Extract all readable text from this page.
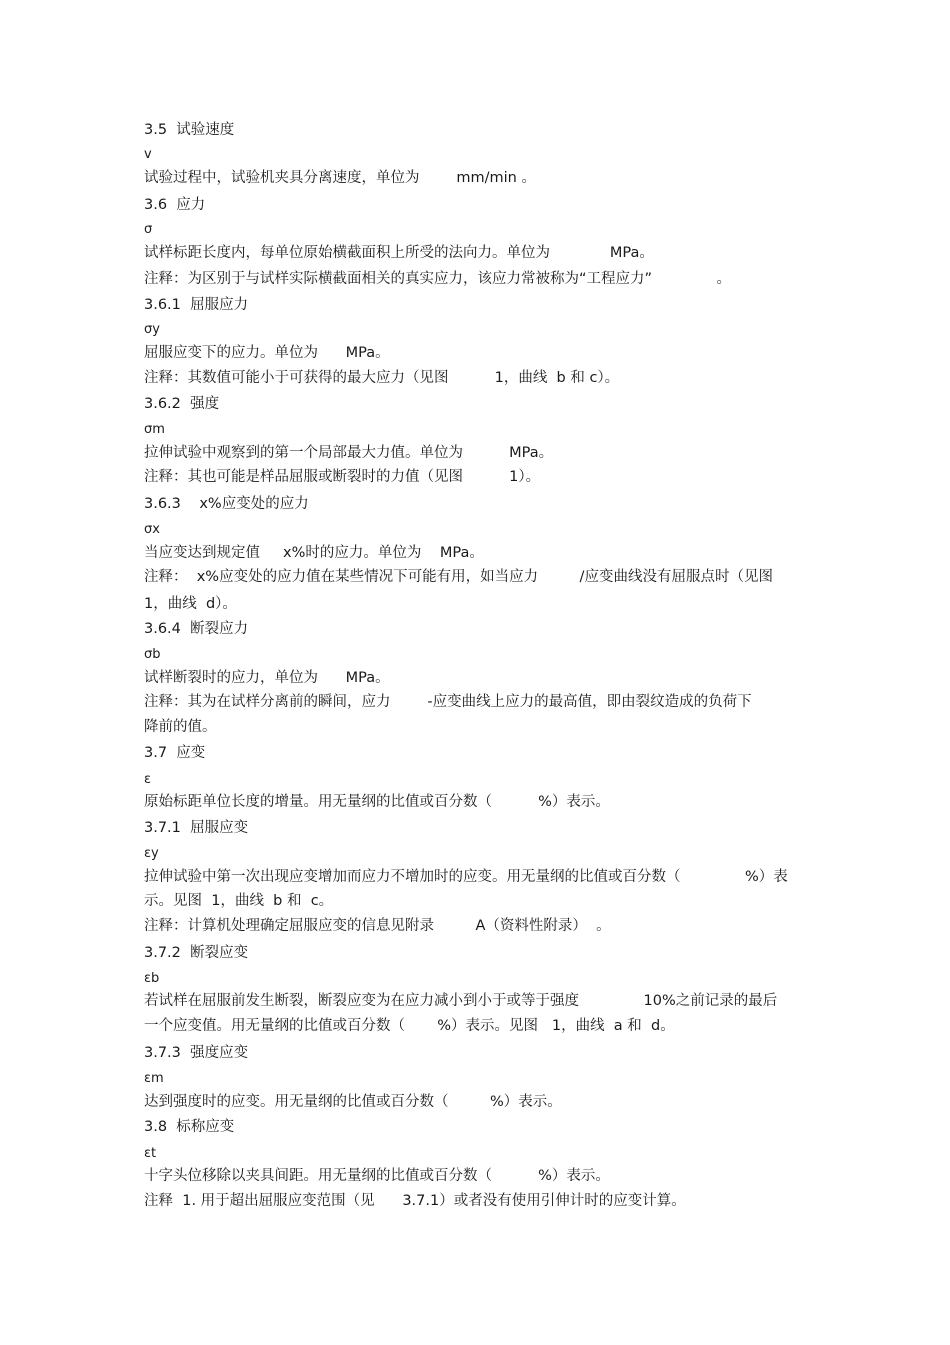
3.5  试验速度
v
试验过程中，试验机夹具分离速度，单位为        mm/min 。
3.6  应力
σ
试样标距长度内，每单位原始横截面积上所受的法向力。单位为             MPa。
注释：为区别于与试样实际横截面相关的真实应力，该应力常被称为“工程应力”              。
3.6.1  屈服应力
σy
屈服应变下的应力。单位为      MPa。
注释：其数值可能小于可获得的最大应力（见图          1，曲线  b 和 c）。
3.6.2  强度
σm
拉伸试验中观察到的第一个局部最大力值。单位为          MPa。
注释：其也可能是样品屈服或断裂时的力值（见图          1）。
3.6.3    x%应变处的应力
σx
当应变达到规定值     x%时的应力。单位为    MPa。
注释：  x%应变处的应力值在某些情况下可能有用，如当应力         /应变曲线没有屈服点时（见图
1，曲线  d）。
3.6.4  断裂应力
σb
试样断裂时的应力，单位为      MPa。
注释：其为在试样分离前的瞬间，应力        -应变曲线上应力的最高值，即由裂纹造成的负荷下
降前的值。
3.7  应变
ε
原始标距单位长度的增量。用无量纲的比值或百分数（          %）表示。
3.7.1  屈服应变
εy
拉伸试验中第一次出现应变增加而应力不增加时的应变。用无量纲的比值或百分数（              %）表
示。见图  1，曲线  b 和  c。
注释：计算机处理确定屈服应变的信息见附录         A（资料性附录）  。
3.7.2  断裂应变
εb
若试样在屈服前发生断裂，断裂应变为在应力减小到小于或等于强度              10%之前记录的最后
一个应变值。用无量纲的比值或百分数（       %）表示。见图   1，曲线  a 和  d。
3.7.3  强度应变
εm
达到强度时的应变。用无量纲的比值或百分数（         %）表示。
3.8  标称应变
εt
十字头位移除以夹具间距。用无量纲的比值或百分数（          %）表示。
注释  1. 用于超出屈服应变范围（见      3.7.1）或者没有使用引伸计时的应变计算。
